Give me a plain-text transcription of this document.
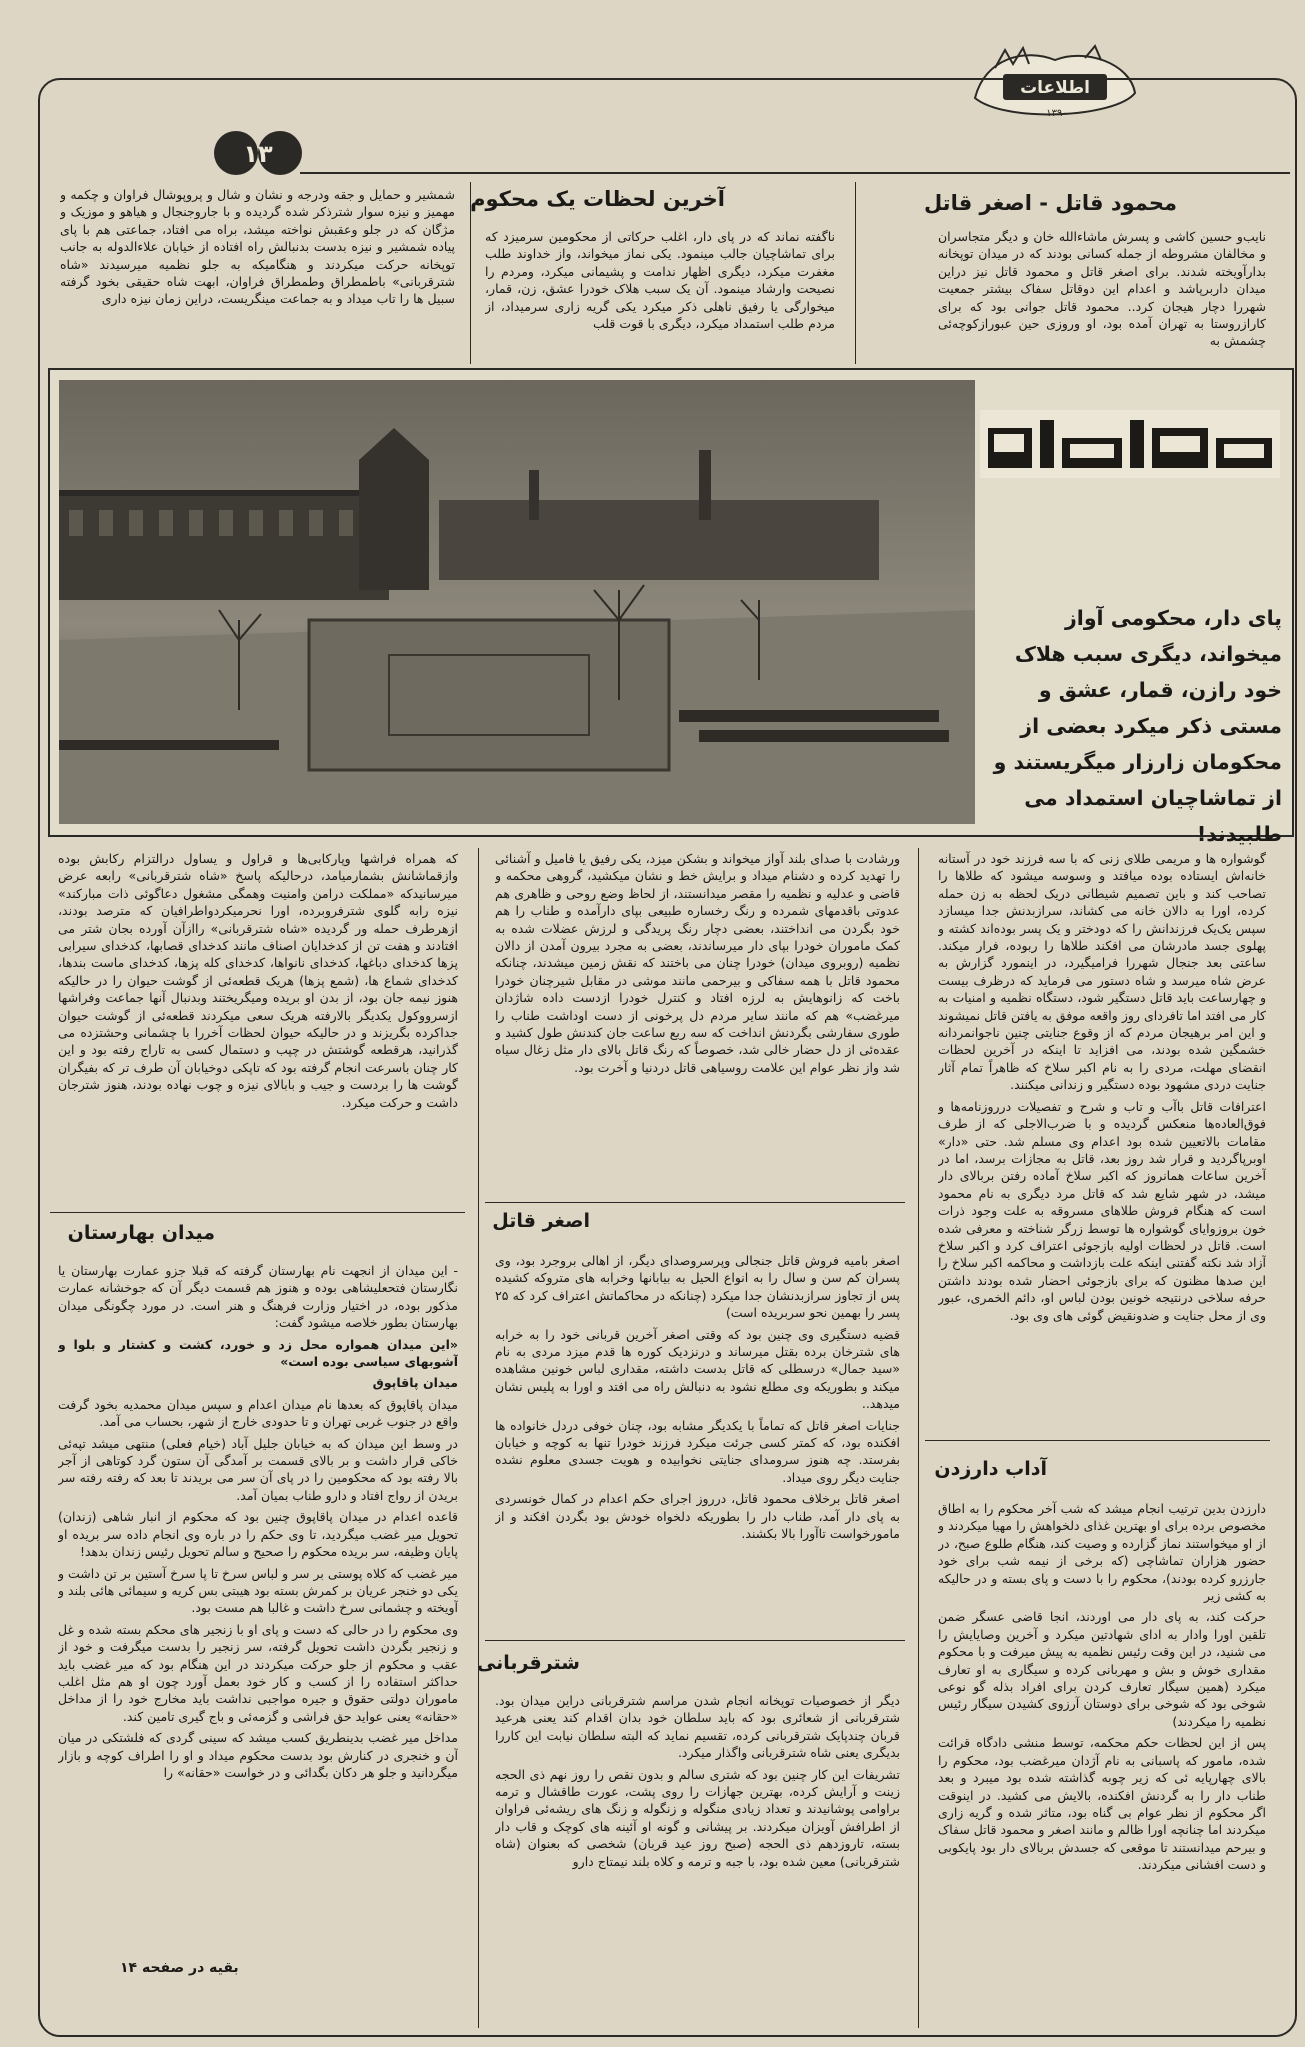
اطلاعات
۱۳۹۰
۱۳
محمود قاتل - اصغر قاتل
نایب‌و حسین کاشی و پسرش ماشاءالله خان و دیگر متجاسران و مخالفان مشروطه از جمله کسانی بودند که در میدان توپخانه بدارآویخته شدند. برای اصغر قاتل و محمود قاتل نیز دراین میدان داربرپاشد و اعدام این دوقاتل سفاک بیشتر جمعیت شهررا دچار هیجان کرد.. محمود قاتل جوانی بود که برای کارازروستا به تهران آمده بود، او وروزی حین عبورازکوچه‌ئی چشمش به
آخرین لحظات یک محکوم
ناگفته نماند که در پای دار، اغلب حرکاتی از محکومین سرمیزد که برای تماشاچیان جالب مینمود. یکی نماز میخواند، واز خداوند طلب مغفرت میکرد، دیگری اظهار ندامت و پشیمانی میکرد، ومردم را نصیحت وارشاد مینمود. آن یک سبب هلاک خودرا عشق، زن، قمار، میخوارگی یا رفیق ناهلی ذکر میکرد یکی گریه زاری سرمیداد، از مردم طلب استمداد میکرد، دیگری با قوت قلب
شمشیر و حمایل و جقه ودرجه و نشان و شال و پروپوشال فراوان و چکمه و مهمیز و نیزه سوار شترذکر شده گردیده و با جاروجنجال و هیاهو و موزیک و مژگان که در جلو وعقبش نواخته میشد، براه می افتاد، جماعتی هم با پای پیاده شمشیر و نیزه بدست بدنبالش راه افتاده از خیابان علاءالدوله به جانب توپخانه حرکت میکردند و هنگامیکه به جلو نظمیه میرسیدند «شاه شترقربانی» باطمطراق وطمطراق فراوان، ابهت شاه حقیقی بخود گرفته سبیل ها را تاب میداد و به جماعت مینگریست، دراین زمان نیزه داری
داستان تهران
پای دار، محکومی آواز میخواند، دیگری سبب هلاک خود رازن، قمار، عشق و مستی ذکر میکرد بعضی از محکومان زارزار میگریستند و از تماشاچیان استمداد می طلبیدند!

گوشواره ها و مریمی طلای زنی که با سه فرزند خود در آستانه خانه‌اش ایستاده بوده میافتد و وسوسه میشود که طلاها را تصاحب کند و باین تصمیم شیطانی دریک لحظه به زن حمله کرده، اورا به دالان خانه می کشاند، سرازبدنش جدا میسازد سپس یک‌یک فرزندانش را که دودختر و یک پسر بوده‌اند کشته و پهلوی جسد مادرشان می افکند طلاها را ربوده، فرار میکند. ساعتی بعد جنجال شهررا فرامیگیرد، در اینمورد گزارش به عرض شاه میرسد و شاه دستور می فرماید که درظرف بیست و چهارساعت باید قاتل دستگیر شود، دستگاه نظمیه و امنیات به کار می افتد اما تافردای روز واقعه موفق به یافتن قاتل نمیشوند و این امر برهیجان مردم که از وقوع جنایتی چنین ناجوانمردانه خشمگین شده بودند، می افزاید تا اینکه در آخرین لحظات انقضای مهلت، مردی را به نام اکبر سلاخ که ظاهراً تمام آثار جنایت دردی مشهود بوده دستگیر و زندانی میکنند.

اعترافات قاتل باآب و تاب و شرح و تفصیلات درروزنامه‌ها و فوق‌العاده‌ها منعکس گردیده و با ضرب‌الاجلی که از طرف مقامات بالاتعیین شده بود اعدام وی مسلم شد. حتی «دار» اوبرپاگردید و قرار شد روز بعد، قاتل به مجازات برسد، اما در آخرین ساعات همانروز که اکبر سلاخ آماده رفتن بربالای دار میشد، در شهر شایع شد که قاتل مرد دیگری به نام محمود است که هنگام فروش طلاهای مسروقه به علت وجود ذرات خون بروزوایای گوشواره ها توسط زرگر شناخته و معرفی شده است. قاتل در لحظات اولیه بازجوئی اعتراف کرد و اکبر سلاخ آزاد شد نکته گفتنی اینکه علت بازداشت و محاکمه اکبر سلاخ را این صدها مظنون که برای بازجوئی احضار شده بودند داشتن حرفه سلاخی درنتیجه خونین بودن لباس او، دائم الخمری، عبور وی از محل جنایت و ضدونقیض گوئی های وی بود.

آداب دارزدن

دارزدن بدین ترتیب انجام میشد که شب آخر محکوم را به اطاق مخصوص برده برای او بهترین غذای دلخواهش را مهیا میکردند و از او میخواستند نماز گزارده و وصیت کند، هنگام طلوع صبح، در حضور هزاران تماشاچی (که برخی از نیمه شب برای خود جارزرو کرده بودند)، محکوم را با دست و پای بسته و در حالیکه به کشی زیر

حرکت کند، به پای دار می اوردند، انجا قاضی عسگر ضمن تلقین اورا وادار به ادای شهادتین میکرد و آخرین وصایایش را می شنید، در این وقت رئیس نظمیه به پیش میرفت و با محکوم مقداری خوش و بش و مهربانی کرده و سیگاری به او تعارف میکرد (همین سیگار تعارف کردن برای افراد بذله گو نوعی شوخی بود که شوخی برای دوستان آرزوی کشیدن سیگار رئیس نظمیه را میکردند)

پس از این لحظات حکم محکمه، توسط منشی دادگاه قرائت شده، مامور که پاسبانی به نام آژدان میرغضب بود، محکوم را بالای چهارپایه ئی که زیر چوبه گذاشته شده بود میبرد و بعد طناب دار را به گردنش افکنده، بالایش می کشید. در اینوقت اگر محکوم از نظر عوام بی گناه بود، متاثر شده و گریه زاری میکردند اما چنانچه اورا ظالم و مانند اصغر و محمود قاتل سفاک و بیرحم میدانستند تا موقعی که جسدش بربالای دار بود پایکوبی و دست افشانی میکردند.

ورشادت با صدای بلند آواز میخواند و بشکن میزد، یکی رفیق یا فامیل و آشنائی را تهدید کرده و دشنام میداد و برایش خط و نشان میکشید، گروهی محکمه و قاضی و عدلیه و نظمیه را مقصر میدانستند، از لحاظ وضع روحی و ظاهری هم عدوتی باقدمهای شمرده و رنگ رخساره طبیعی بپای دارآمده و طناب را هم خود بگردن می انداختند، بعضی دچار رنگ پریدگی و لرزش عضلات شده به کمک ماموران خودرا بپای دار میرساندند، بعضی به مجرد بیرون آمدن از دالان نظمیه (روبروی میدان) خودرا چنان می باختند که نقش زمین میشدند، چنانکه محمود قاتل با همه سفاکی و بیرحمی مانند موشی در مقابل شیرچنان خودرا باخت که زانوهایش به لرزه افتاد و کنترل خودرا ازدست داده شاژدان میرغضب» هم که مانند سایر مردم دل پرخونی از دست اوداشت طناب را طوری سفارشی بگردنش انداخت که سه ربع ساعت جان کندنش طول کشید و عقده‌ئی از دل حضار خالی شد، خصوصاً که رنگ قاتل بالای دار مثل زغال سیاه شد واز نظر عوام این علامت روسیاهی قاتل دردنیا و آخرت بود.
اصغر قاتل

اصغر بامیه فروش قاتل جنجالی وپرسروصدای دیگر، از اهالی بروجرد بود، وی پسران کم سن و سال را به انواع الحیل به بیابانها وخرابه های متروکه کشیده پس از تجاوز سرازبدنشان جدا میکرد (چنانکه در محاکماتش اعتراف کرد که ۲۵ پسر را بهمین نحو سربریده است)

قضیه دستگیری وی چنین بود که وقتی اصغر آخرین قربانی خود را به خرابه های شترخان برده بقتل میرساند و درنزدیک کوره ها قدم میزد مردی به نام «سید جمال» درسطلی که قاتل بدست داشته، مقداری لباس خونین مشاهده میکند و بطوریکه وی مطلع نشود به دنبالش راه می افتد و اورا به پلیس نشان میدهد..

جنایات اصغر قاتل که تماماً با یکدیگر مشابه بود، چنان خوفی دردل خانواده ها افکنده بود، که کمتر کسی جرئت میکرد فرزند خودرا تنها به کوچه و خیابان بفرستد. چه هنوز سرومدای جنایتی نخوابیده و هویت جسدی معلوم نشده جنایت دیگر روی میداد.

اصغر قاتل برخلاف محمود قاتل، درروز اجرای حکم اعدام در کمال خونسردی به پای دار آمد، طناب دار را بطوریکه دلخواه خودش بود بگردن افکند و از مامورخواست تاآورا بالا بکشند.

شترقربانی

دیگر از خصوصیات توپخانه انجام شدن مراسم شترقربانی دراین میدان بود. شترقربانی از شعائری بود که باید سلطان خود بدان اقدام کند یعنی هرعید قربان چندپایک شترقربانی کرده، تقسیم نماید که البته سلطان نیابت این کاررا بدیگری یعنی شاه شترقربانی واگذار میکرد.

تشریفات این کار چنین بود که شتری سالم و بدون نقص را روز نهم ذی الحجه زینت و آرایش کرده، بهترین جهازات را روی پشت، عورت طاقشال و ترمه براوامی پوشانیدند و تعداد زیادی منگوله و زنگوله و زنگ های ریشه‌ئی فراوان از اطرافش آویزان میکردند. بر پیشانی و گونه او آئینه های کوچک و قاب دار بسته، تاروزدهم ذی الحجه (صبح روز عید قربان) شخصی که بعنوان (شاه شترقربانی) معین شده بود، با جبه و ترمه و کلاه بلند نیمتاج دارو

که همراه فراشها وپارکابی‌ها و قراول و یساول درالتزام رکابش بوده وازقماشانش بشمارمیامد، درحالیکه پاسخ «شاه شترقربانی» رابعه عرض میرسانیدکه «مملکت درامن وامنیت وهمگی مشغول دعاگوئی ذات مبارکند» نیزه رابه گلوی شترفروبرده، اورا نحرمیکردواطرافیان که مترصد بودند، ازهرطرف حمله ور گردیده «شاه شترقربانی» راازآن آورده بجان شتر می افتادند و هفت تن از کدخدایان اصناف مانند کدخدای قصابها، کدخدای سیرابی پزها کدخدای دباغها، کدخدای نانواها، کدخدای کله پزها، کدخدای ماست بندها، کدخدای شماع ها، (شمع پزها) هریک قطعه‌ئی از گوشت حیوان را در حالیکه هنوز نیمه جان بود، از بدن او بریده ومیگریختند وبدنبال آنها جماعت وفراشها ازسرووکول یکدیگر بالارفته هریک سعی میکردند قطعه‌ئی از گوشت حیوان جداکرده بگریزند و در حالیکه حیوان لحظات آخررا با چشمانی وحشتزده می گذرانید، هرقطعه گوشتش در چپب و دستمال کسی به تاراج رفته بود و این کار چنان باسرعت انجام گرفته بود که تاپکی دوخیابان آن طرف تر که بفیگران گوشت ها را بردست و جیب و بابالای نیزه و چوب نهاده بودند، هنوز شترجان داشت و حرکت میکرد.
میدان بهارستان

- این میدان از انجهت نام بهارستان گرفته که قبلا جزو عمارت بهارستان یا نگارستان فتحعلیشاهی بوده و هنوز هم قسمت دیگر آن که جوخشانه عمارت مذکور بوده، در اختیار وزارت فرهنگ و هنر است. در مورد چگونگی میدان بهارستان بطور خلاصه میشود گفت:

«این میدان همواره محل زد و خورد، کشت و کشتار و بلوا و آشوبهای سیاسی بوده است»

میدان پاقاپوق

میدان پاقاپوق که بعدها نام میدان اعدام و سپس میدان محمدیه بخود گرفت واقع در جنوب غربی تهران و تا حدودی خارج از شهر، بحساب می آمد.

در وسط این میدان که به خیابان جلیل آباد (خیام فعلی) منتهی میشد تپه‌ئی خاکی قرار داشت و بر بالای قسمت بر آمدگی آن ستون گرد کوتاهی از آجر بالا رفته بود که محکومین را در پای آن سر می بریدند تا بعد که رفته رفته سر بریدن از رواج افتاد و دارو طناب بمیان آمد.

قاعده اعدام در میدان پاقاپوق چنین بود که محکوم از انبار شاهی (زندان) تحویل میر غضب میگردید، تا وی حکم را در باره وی انجام داده سر بریده او پایان وظیفه، سر بریده محکوم را صحیح و سالم تحویل رئیس زندان بدهد!

میر غضب که کلاه پوستی بر سر و لباس سرخ تا پا سرخ آستین بر تن داشت و یکی دو خنجر عریان بر کمرش بسته بود هیبتی بس کریه و سیمائی هائی بلند و آویخته و چشمانی سرخ داشت و غالبا هم مست بود.

وی محکوم را در حالی که دست و پای او با زنجیر های محکم بسته شده و غل و زنجیر بگردن داشت تحویل گرفته، سر زنجیر را بدست میگرفت و خود از عقب و محکوم از جلو حرکت میکردند در این هنگام بود که میر غضب باید حداکثر استفاده را از کسب و کار خود بعمل آورد چون او هم مثل اغلب ماموران دولتی حقوق و جیره مواجبی نداشت باید مخارج خود را از مداخل «حقانه» یعنی عواید حق فراشی و گزمه‌ئی و باج گیری تامین کند.

مداخل میر غضب بدینطریق کسب میشد که سینی گردی که فلشتکی در میان آن و خنجری در کنارش بود بدست محکوم میداد و او را اطراف کوچه و بازار میگردانید و جلو هر دکان بگدائی و در خواست «حقانه» را

بقیه در صفحه ۱۴
